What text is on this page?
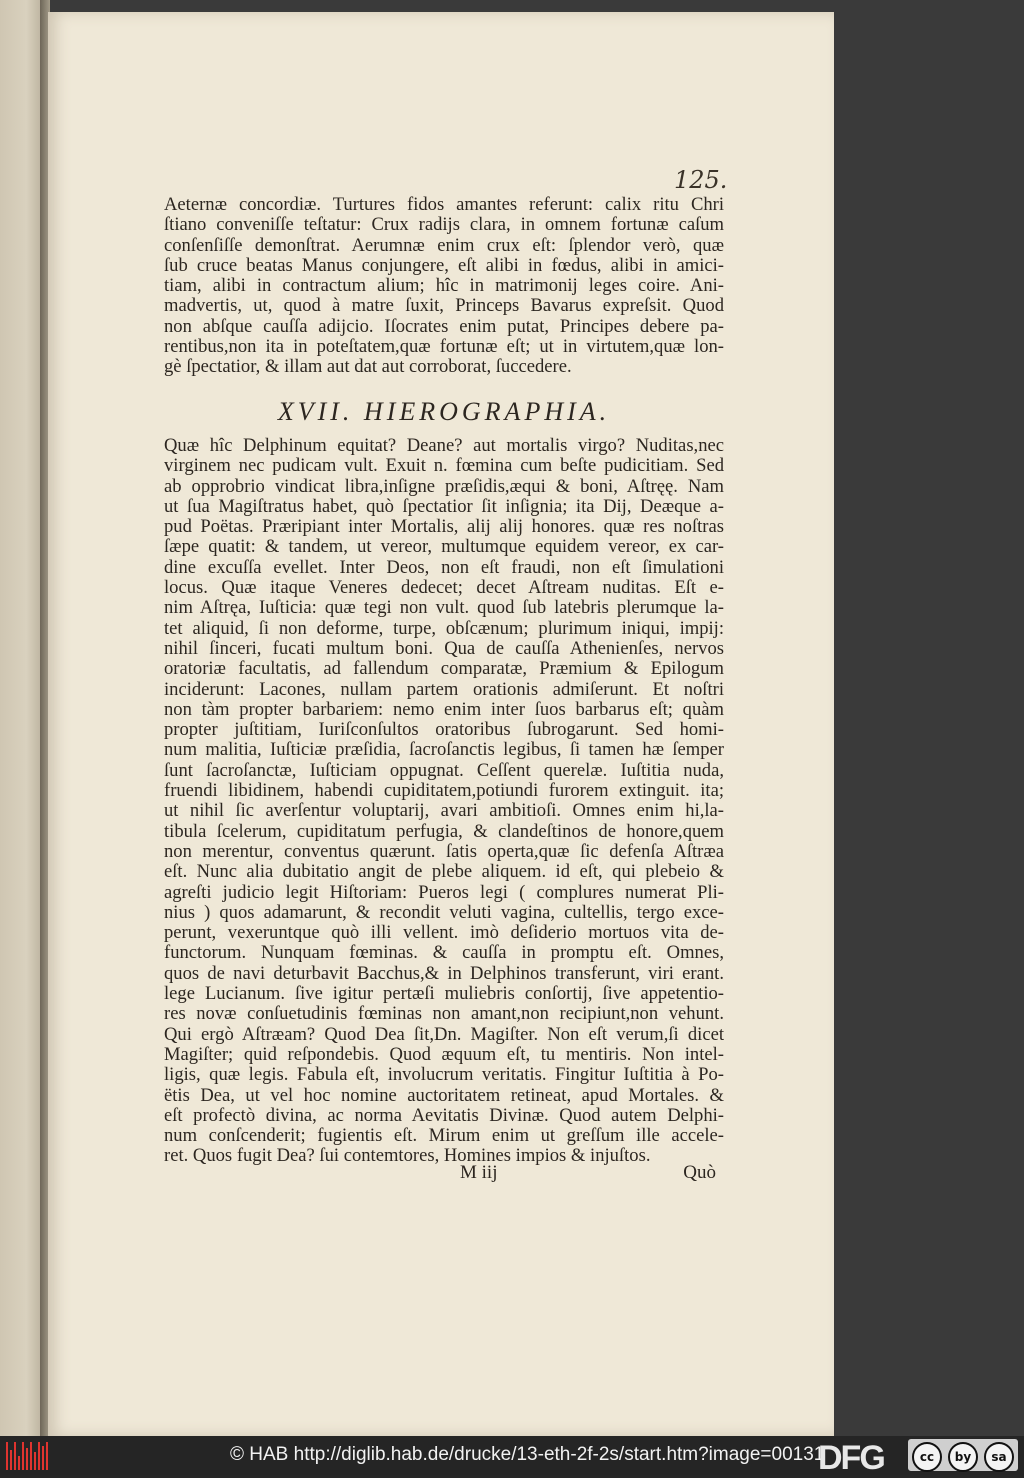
125.
Aeternæ concordiæ. Turtures fidos amantes referunt: calix ritu Chri
ſtiano conveniſſe teſtatur: Crux radijs clara, in omnem fortunæ caſum
conſenſiſſe demonſtrat. Aerumnæ enim crux eſt: ſplendor verò, quæ
ſub cruce beatas Manus conjungere, eſt alibi in fœdus, alibi in amici-
tiam, alibi in contractum alium; hîc in matrimonij leges coire. Ani-
madvertis, ut, quod à matre ſuxit, Princeps Bavarus expreſsit. Quod
non abſque cauſſa adijcio. Iſocrates enim putat, Principes debere pa-
rentibus,non ita in poteſtatem,quæ fortunæ eſt; ut in virtutem,quæ lon-
gè ſpectatior, & illam aut dat aut corroborat, ſuccedere.
XVII. HIEROGRAPHIA.
Quæ hîc Delphinum equitat? Deane? aut mortalis virgo? Nuditas,nec
virginem nec pudicam vult. Exuit n. fœmina cum beſte pudicitiam. Sed
ab opprobrio vindicat libra,inſigne præſidis,æqui & boni, Aſtręę. Nam
ut ſua Magiſtratus habet, quò ſpectatior ſit inſignia; ita Dij, Deæque a-
pud Poëtas. Præripiant inter Mortalis, alij alij honores. quæ res noſtras
ſæpe quatit: & tandem, ut vereor, multumque equidem vereor, ex car-
dine excuſſa evellet. Inter Deos, non eſt fraudi, non eſt ſimulationi
locus. Quæ itaque Veneres dedecet; decet Aſtream nuditas. Eſt e-
nim Aſtręa, Iuſticia: quæ tegi non vult. quod ſub latebris plerumque la-
tet aliquid, ſi non deforme, turpe, obſcænum; plurimum iniqui, impij:
nihil ſinceri, fucati multum boni. Qua de cauſſa Athenienſes, nervos
oratoriæ facultatis, ad fallendum comparatæ, Præmium & Epilogum
inciderunt: Lacones, nullam partem orationis admiſerunt. Et noſtri
non tàm propter barbariem: nemo enim inter ſuos barbarus eſt; quàm
propter juſtitiam, Iuriſconſultos oratoribus ſubrogarunt. Sed homi-
num malitia, Iuſticiæ præſidia, ſacroſanctis legibus, ſi tamen hæ ſemper
ſunt ſacroſanctæ, Iuſticiam oppugnat. Ceſſent querelæ. Iuſtitia nuda,
fruendi libidinem, habendi cupiditatem,potiundi furorem extinguit. ita;
ut nihil ſic averſentur voluptarij, avari ambitioſi. Omnes enim hi,la-
tibula ſcelerum, cupiditatum perfugia, & clandeſtinos de honore,quem
non merentur, conventus quærunt. ſatis operta,quæ ſic defenſa Aſtræa
eſt. Nunc alia dubitatio angit de plebe aliquem. id eſt, qui plebeio &
agreſti judicio legit Hiſtoriam: Pueros legi ( complures numerat Pli-
nius ) quos adamarunt, & recondit veluti vagina, cultellis, tergo exce-
perunt, vexeruntque quò illi vellent. imò deſiderio mortuos vita de-
functorum. Nunquam fœminas. & cauſſa in promptu eſt. Omnes,
quos de navi deturbavit Bacchus,& in Delphinos transferunt, viri erant.
lege Lucianum. ſive igitur pertæſi muliebris conſortij, ſive appetentio-
res novæ conſuetudinis fœminas non amant,non recipiunt,non vehunt.
Qui ergò Aſtræam? Quod Dea ſit,Dn. Magiſter. Non eſt verum,ſi dicet
Magiſter; quid reſpondebis. Quod æquum eſt, tu mentiris. Non intel-
ligis, quæ legis. Fabula eſt, involucrum veritatis. Fingitur Iuſtitia à Po-
ëtis Dea, ut vel hoc nomine auctoritatem retineat, apud Mortales. &
eſt profectò divina, ac norma Aevitatis Divinæ. Quod autem Delphi-
num conſcenderit; fugientis eſt. Mirum enim ut greſſum ille accele-
ret. Quos fugit Dea? ſui contemtores, Homines impios & injuſtos.
M iij	Quò
© HAB http://diglib.hab.de/drucke/13-eth-2f-2s/start.htm?image=00131
DFG	cc	by	sa
